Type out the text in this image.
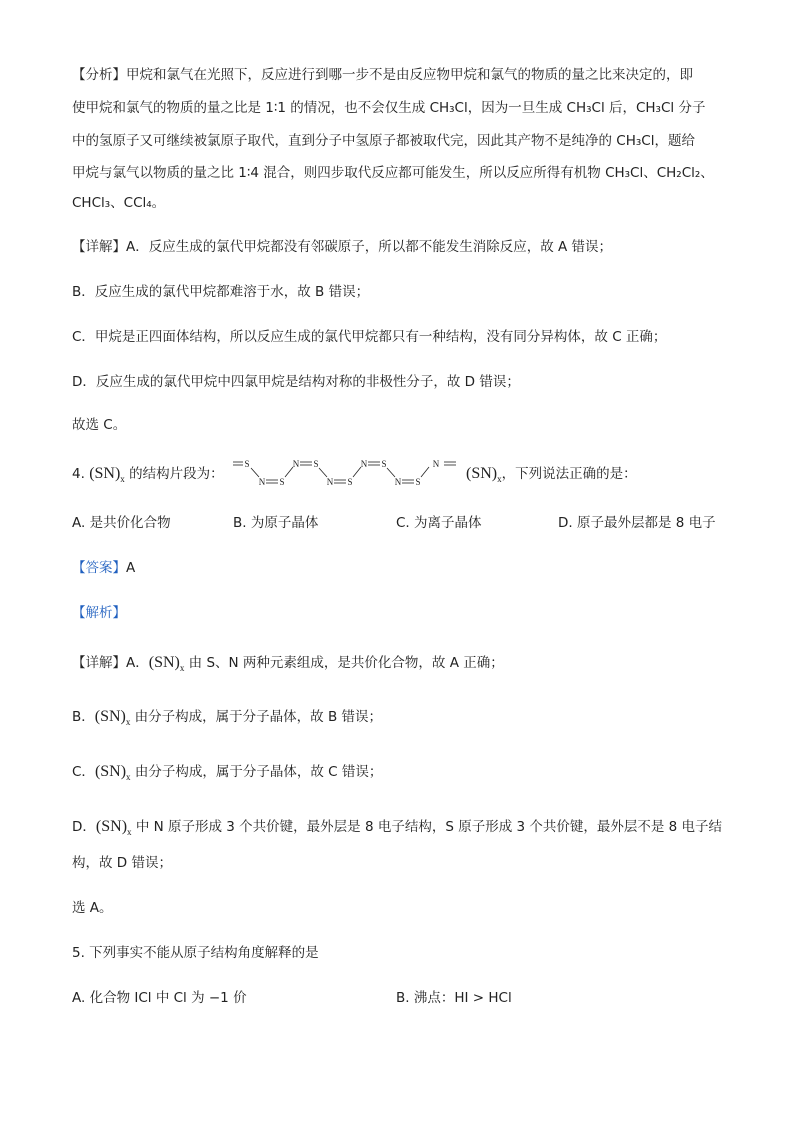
【分析】甲烷和氯气在光照下，反应进行到哪一步不是由反应物甲烷和氯气的物质的量之比来决定的，即
使甲烷和氯气的物质的量之比是 1∶1 的情况，也不会仅生成 CH₃Cl，因为一旦生成 CH₃Cl 后，CH₃Cl 分子
中的氢原子又可继续被氯原子取代，直到分子中氢原子都被取代完，因此其产物不是纯净的 CH₃Cl，题给
甲烷与氯气以物质的量之比 1∶4 混合，则四步取代反应都可能发生，所以反应所得有机物 CH₃Cl、CH₂Cl₂、
CHCl₃、CCl₄。
【详解】A．反应生成的氯代甲烷都没有邻碳原子，所以都不能发生消除反应，故 A 错误；
B．反应生成的氯代甲烷都难溶于水，故 B 错误；
C．甲烷是正四面体结构，所以反应生成的氯代甲烷都只有一种结构，没有同分异构体，故 C 正确；
D．反应生成的氯代甲烷中四氯甲烷是结构对称的非极性分子，故 D 错误；
故选 C。
4. $(SN)_x$ 的结构片段为：
S
N S
N S
N S
N S
N S
N
$(SN)_x$，下列说法正确的是：
A. 是共价化合物	B. 为原子晶体	C. 为离子晶体	D. 原子最外层都是 8 电子
【答案】A
【解析】
【详解】A．$(SN)_x$ 由 S、N 两种元素组成，是共价化合物，故 A 正确；
B．$(SN)_x$ 由分子构成，属于分子晶体，故 B 错误；
C．$(SN)_x$ 由分子构成，属于分子晶体，故 C 错误；
D．$(SN)_x$ 中 N 原子形成 3 个共价键，最外层是 8 电子结构，S 原子形成 3 个共价键，最外层不是 8 电子结
构，故 D 错误；
选 A。
5. 下列事实不能从原子结构角度解释的是
A. 化合物 ICl 中 Cl 为 −1 价	B. 沸点：HI > HCl
